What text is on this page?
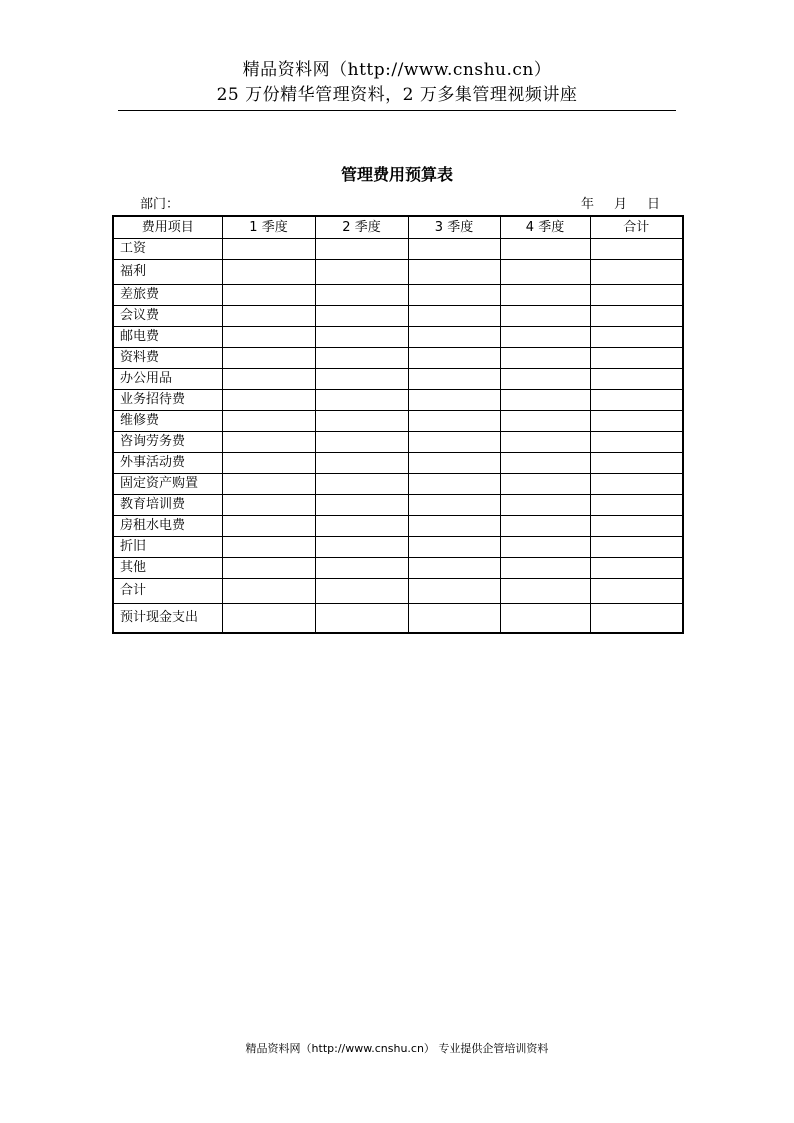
精品资料网（http://www.cnshu.cn）
25 万份精华管理资料，2 万多集管理视频讲座
管理费用预算表
部门：	年 月 日
费用项目	1 季度	2 季度	3 季度	4 季度	合计
工资					
福利					
差旅费					
会议费					
邮电费					
资料费					
办公用品					
业务招待费					
维修费					
咨询劳务费					
外事活动费					
固定资产购置					
教育培训费					
房租水电费					
折旧					
其他					
合计					
预计现金支出					
精品资料网（http://www.cnshu.cn） 专业提供企管培训资料
